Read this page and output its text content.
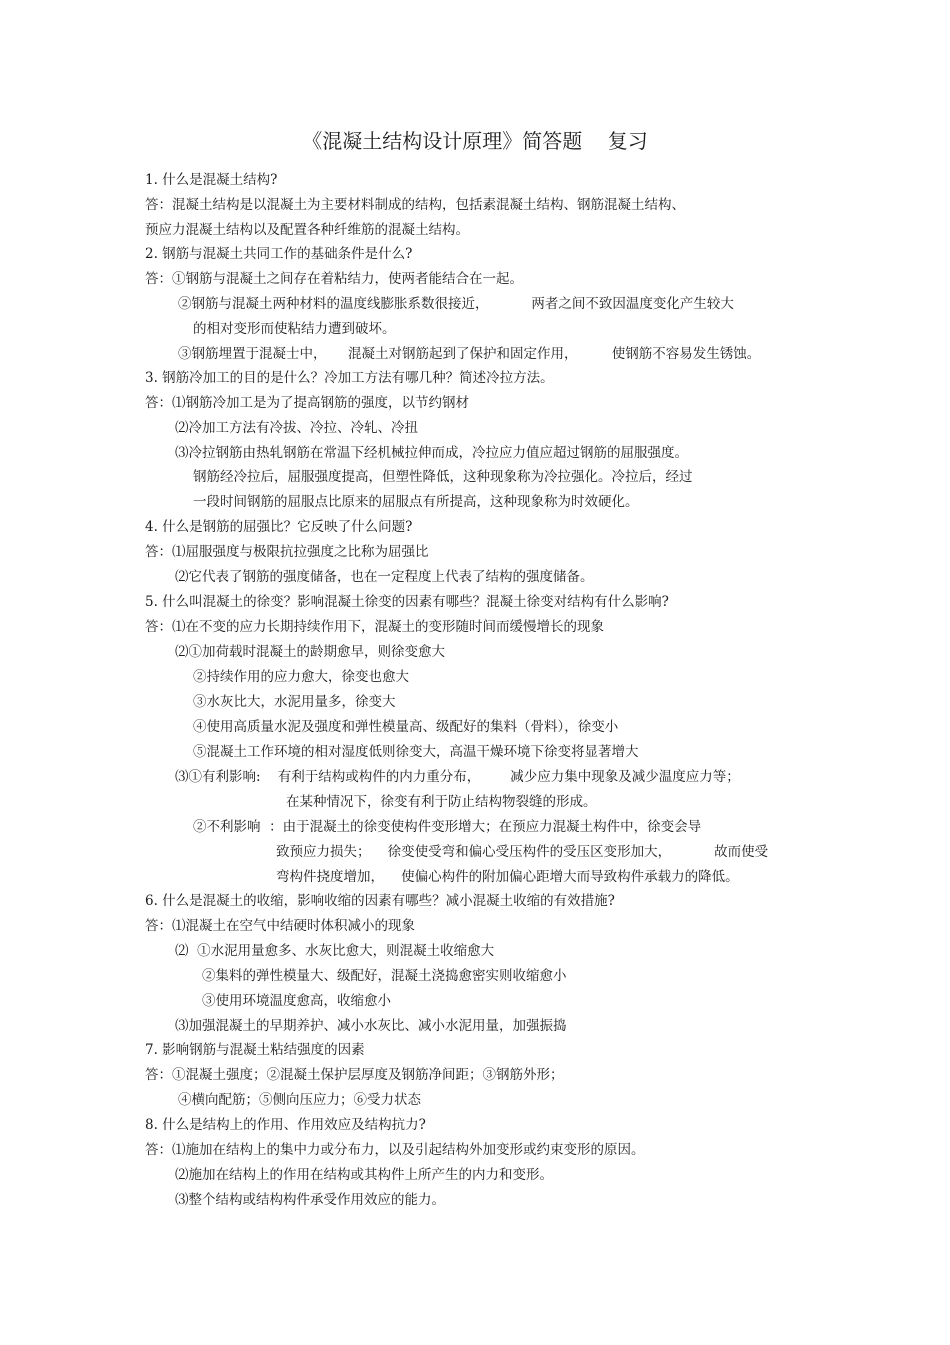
《混凝土结构设计原理》简答题    复习
1. 什么是混凝土结构?
答：混凝土结构是以混凝土为主要材料制成的结构，包括素混凝土结构、钢筋混凝土结构、
预应力混凝土结构以及配置各种纤维筋的混凝土结构。
2. 钢筋与混凝土共同工作的基础条件是什么?
答：①钢筋与混凝土之间存在着粘结力，使两者能结合在一起。
②钢筋与混凝土两种材料的温度线膨胀系数很接近，          两者之间不致因温度变化产生较大
的相对变形而使粘结力遭到破坏。
③钢筋埋置于混凝士中，     混凝土对钢筋起到了保护和固定作用，        使钢筋不容易发生锈蚀。
3. 钢筋冷加工的目的是什么？冷加工方法有哪几种？简述冷拉方法。
答：⑴钢筋冷加工是为了提高钢筋的强度，以节约钢材
⑵冷加工方法有冷拔、冷拉、冷轧、冷扭
⑶冷拉钢筋由热轧钢筋在常温下经机械拉伸而成，冷拉应力值应超过钢筋的屈服强度。
钢筋经冷拉后，屈服强度提高，但塑性降低，这种现象称为冷拉强化。冷拉后，经过
一段时间钢筋的屈服点比原来的屈服点有所提高，这种现象称为时效硬化。
4. 什么是钢筋的屈强比？它反映了什么问题?
答：⑴屈服强度与极限抗拉强度之比称为屈强比
⑵它代表了钢筋的强度储备，也在一定程度上代表了结构的强度储备。
5. 什么叫混凝土的徐变？影响混凝土徐变的因素有哪些？混凝土徐变对结构有什么影响?
答：⑴在不变的应力长期持续作用下，混凝土的变形随时间而缓慢增长的现象
⑵①加荷载时混凝土的龄期愈早，则徐变愈大
②持续作用的应力愈大，徐变也愈大
③水灰比大，水泥用量多，徐变大
④使用高质量水泥及强度和弹性模量高、级配好的集料（骨料），徐变小
⑤混凝土工作环境的相对湿度低则徐变大，高温干燥环境下徐变将显著增大
⑶①有利影响:    有利于结构或构件的内力重分布，       减少应力集中现象及减少温度应力等；
在某种情况下，徐变有利于防止结构物裂缝的形成。
②不利影响  ：由于混凝土的徐变使构件变形增大；在预应力混凝土构件中，徐变会导
致预应力损失；    徐变使受弯和偏心受压构件的受压区变形加大，          故而使受
弯构件挠度增加，    使偏心构件的附加偏心距增大而导致构件承载力的降低。
6. 什么是混凝土的收缩，影响收缩的因素有哪些？减小混凝土收缩的有效措施?
答：⑴混凝土在空气中结硬时体积减小的现象
⑵  ①水泥用量愈多、水灰比愈大，则混凝土收缩愈大
②集料的弹性模量大、级配好，混凝土浇捣愈密实则收缩愈小
③使用环境温度愈高，收缩愈小
⑶加强混凝土的早期养护、减小水灰比、减小水泥用量，加强振捣
7. 影响钢筋与混凝土粘结强度的因素
答：①混凝土强度；②混凝土保护层厚度及钢筋净间距；③钢筋外形；
④横向配筋；⑤侧向压应力；⑥受力状态
8. 什么是结构上的作用、作用效应及结构抗力?
答：⑴施加在结构上的集中力或分布力，以及引起结构外加变形或约束变形的原因。
⑵施加在结构上的作用在结构或其构件上所产生的内力和变形。
⑶整个结构或结构构件承受作用效应的能力。
